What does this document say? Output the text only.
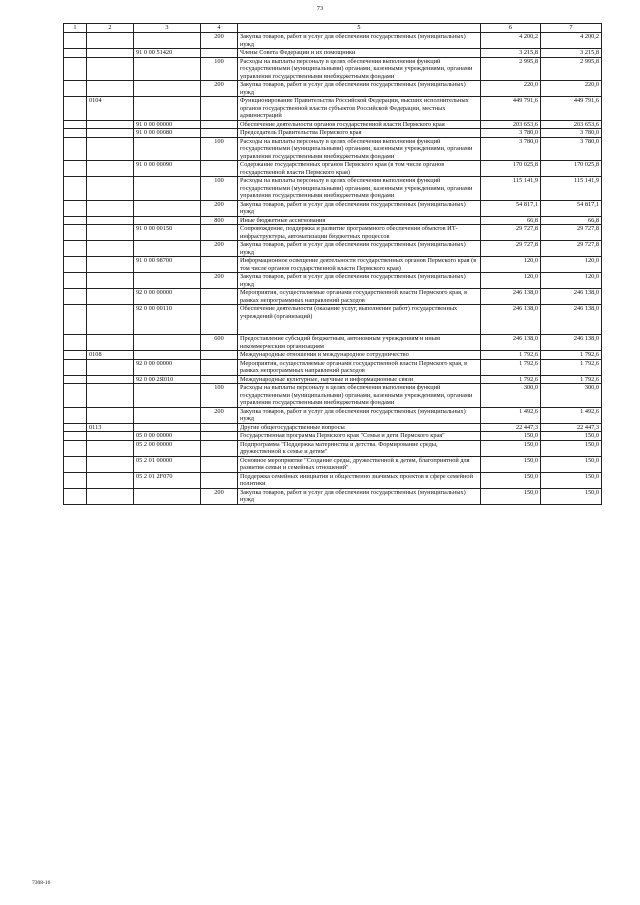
73
1	2	3	4	5	6	7
			200	Закупка товаров, работ и услуг для обеспечения государственных (муниципальных) нужд	4 200,2	4 200,2
		91 0 00 51420		Члены Совета Федерации и их помощники	3 215,8	3 215,8
			100	Расходы на выплаты персоналу в целях обеспечения выполнения функций государственными (муниципальными) органами, казенными учреждениями, органами управления государственными внебюджетными фондами	2 995,8	2 995,8
			200	Закупка товаров, работ и услуг для обеспечения государственных (муниципальных) нужд	220,0	220,0
	0104			Функционирование Правительства Российской Федерации, высших исполнительных органов государственной власти субъектов Российской Федерации, местных администраций	449 791,6	449 791,6
		91 0 00 00000		Обеспечение деятельности органов государственной власти Пермского края	203 653,6	203 653,6
		91 0 00 00080		Председатель Правительства Пермского края	3 780,0	3 780,0
			100	Расходы на выплаты персоналу в целях обеспечения выполнения функций государственными (муниципальными) органами, казенными учреждениями, органами управления государственными внебюджетными фондами	3 780,0	3 780,0
		91 0 00 00090		Содержание государственных органов Пермского края (в том числе органов государственной власти Пермского края)	170 025,8	170 025,8
			100	Расходы на выплаты персоналу в целях обеспечения выполнения функций государственными (муниципальными) органами, казенными учреждениями, органами управления государственными внебюджетными фондами	115 141,9	115 141,9
			200	Закупка товаров, работ и услуг для обеспечения государственных (муниципальных) нужд	54 817,1	54 817,1
			800	Иные бюджетные ассигнования	66,8	66,8
		91 0 00 00150		Сопровождение, поддержка и развитие программного обеспечения объектов ИТ-инфраструктуры, автоматизации бюджетных процессов	29 727,8	29 727,8
			200	Закупка товаров, работ и услуг для обеспечения государственных (муниципальных) нужд	29 727,8	29 727,8
		91 0 00 98700		Информационное освещение деятельности государственных органов Пермского края (в том числе органов государственной власти Пермского края)	120,0	120,0
			200	Закупка товаров, работ и услуг для обеспечения государственных (муниципальных) нужд	120,0	120,0
		92 0 00 00000		Мероприятия, осуществляемые органами государственной власти Пермского края, в рамках непрограммных направлений расходов	246 138,0	246 138,0
		92 0 00 00110		Обеспечение деятельности (оказание услуг, выполнение работ) государственных учреждений (организаций)	246 138,0	246 138,0
			600	Предоставление субсидий бюджетным, автономным учреждениям и иным некоммерческим организациям	246 138,0	246 138,0
	0108			Международные отношения и международное сотрудничество	1 792,6	1 792,6
		92 0 00 00000		Мероприятия, осуществляемые органами государственной власти Пермского края, в рамках непрограммных направлений расходов	1 792,6	1 792,6
		92 0 00 2Я010		Международные культурные, научные и информационные связи	1 792,6	1 792,6
			100	Расходы на выплаты персоналу в целях обеспечения выполнения функций государственными (муниципальными) органами, казенными учреждениями, органами управления государственными внебюджетными фондами	300,0	300,0
			200	Закупка товаров, работ и услуг для обеспечения государственных (муниципальных) нужд	1 492,6	1 492,6
	0113			Другие общегосударственные вопросы	22 447,3	22 447,3
		05 0 00 00000		Государственная программа Пермского края "Семья и дети Пермского края"	150,0	150,0
		05 2 00 00000		Подпрограмма "Поддержка материнства и детства. Формирование среды, дружественной к семье и детям"	150,0	150,0
		05 2 01 00000		Основное мероприятие "Создание среды, дружественной к детям, благоприятной для развития семьи и семейных отношений"	150,0	150,0
		05 2 01 2F070		Поддержка семейных инициатив и общественно значимых проектов в сфере семейной политики	150,0	150,0
			200	Закупка товаров, работ и услуг для обеспечения государственных (муниципальных) нужд	150,0	150,0
7308-16
